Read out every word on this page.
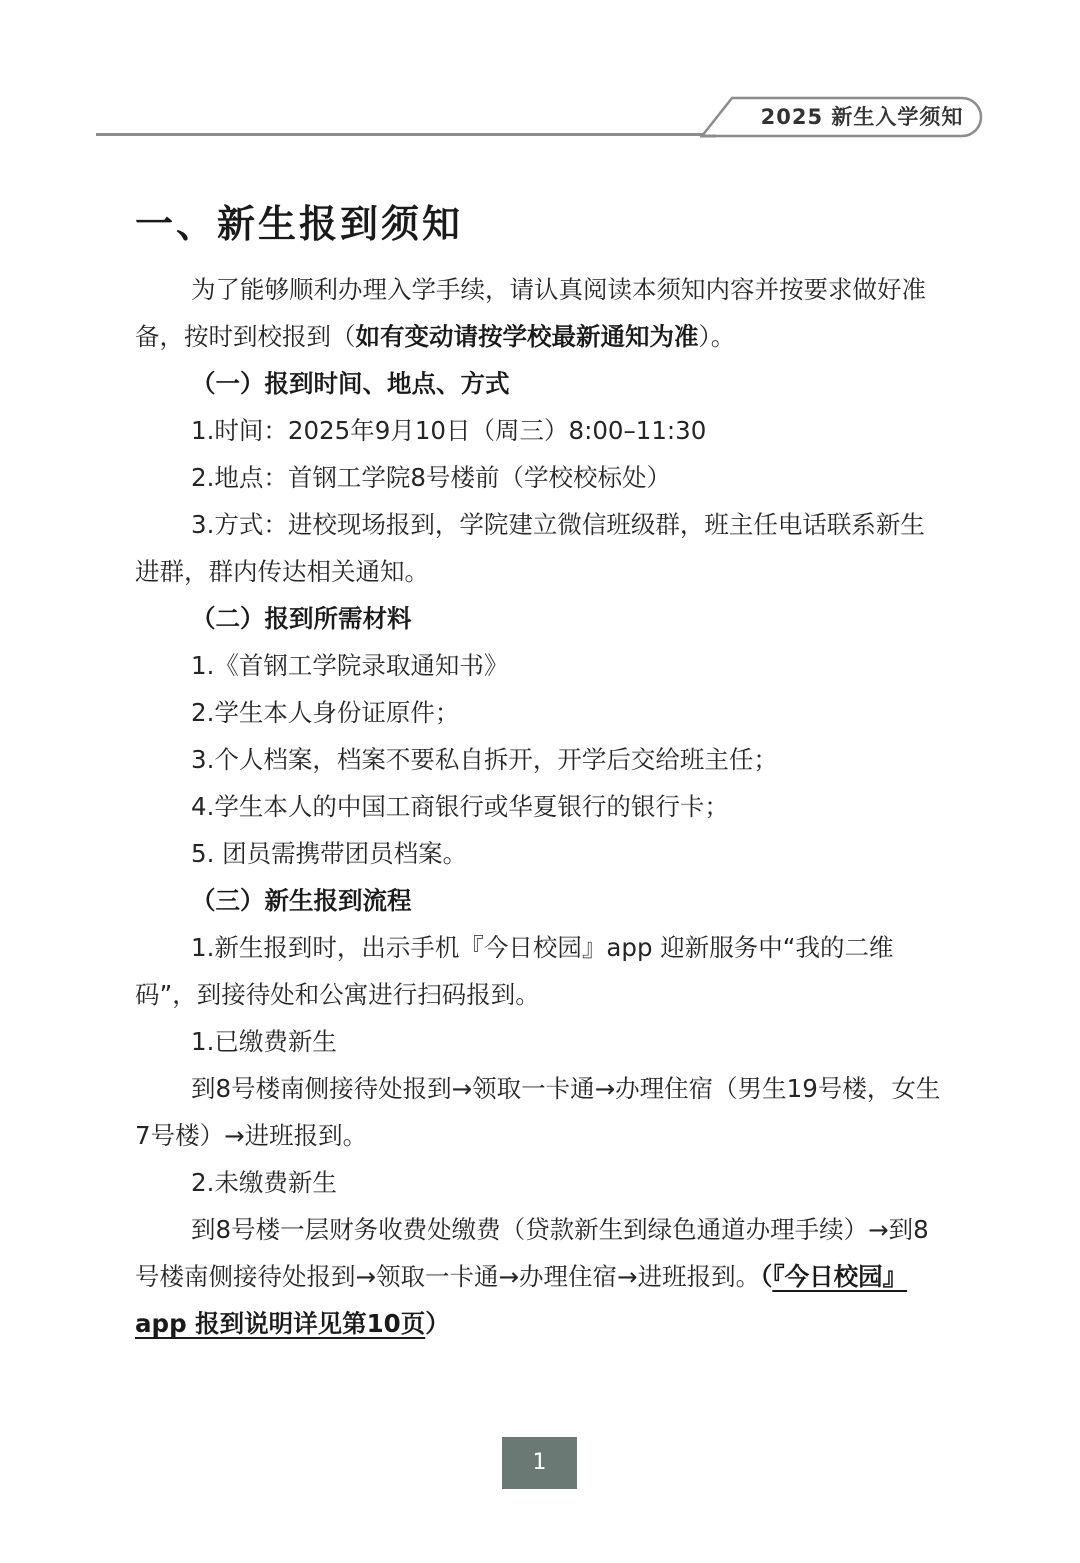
2025 新生入学须知
一、新生报到须知

为了能够顺利办理入学手续，请认真阅读本须知内容并按要求做好准备，按时到校报到（如有变动请按学校最新通知为准）。

（一）报到时间、地点、方式

1.时间：2025年9月10日（周三）8:00–11:30

2.地点：首钢工学院8号楼前（学校校标处）

3.方式：进校现场报到，学院建立微信班级群，班主任电话联系新生进群，群内传达相关通知。

（二）报到所需材料

1.《首钢工学院录取通知书》

2.学生本人身份证原件；

3.个人档案，档案不要私自拆开，开学后交给班主任；

4.学生本人的中国工商银行或华夏银行的银行卡；

5. 团员需携带团员档案。

（三）新生报到流程

1.新生报到时，出示手机『今日校园』app 迎新服务中“我的二维码”，到接待处和公寓进行扫码报到。

1.已缴费新生

到8号楼南侧接待处报到→领取一卡通→办理住宿（男生19号楼，女生7号楼）→进班报到。

2.未缴费新生

到8号楼一层财务收费处缴费（贷款新生到绿色通道办理手续）→到8号楼南侧接待处报到→领取一卡通→办理住宿→进班报到。（『今日校园』app 报到说明详见第10页）

1
